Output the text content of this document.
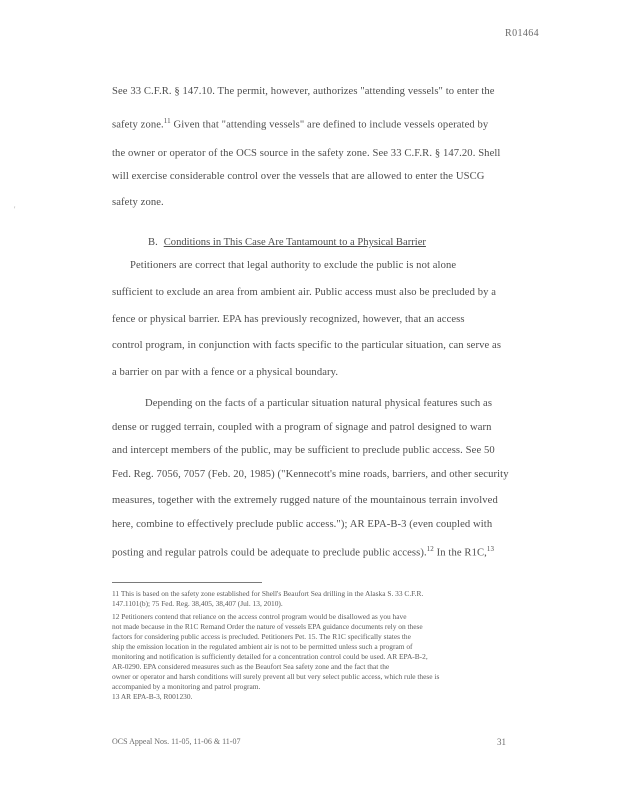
R01464
'

See 33 C.F.R. § 147.10. The permit, however, authorizes "attending vessels" to enter the

safety zone.$^{11}$ Given that "attending vessels" are defined to include vessels operated by

the owner or operator of the OCS source in the safety zone. See 33 C.F.R. § 147.20. Shell

will exercise considerable control over the vessels that are allowed to enter the USCG

safety zone.

B. Conditions in This Case Are Tantamount to a Physical Barrier

Petitioners are correct that legal authority to exclude the public is not alone

sufficient to exclude an area from ambient air. Public access must also be precluded by a

fence or physical barrier. EPA has previously recognized, however, that an access

control program, in conjunction with facts specific to the particular situation, can serve as

a barrier on par with a fence or a physical boundary.

Depending on the facts of a particular situation natural physical features such as

dense or rugged terrain, coupled with a program of signage and patrol designed to warn

and intercept members of the public, may be sufficient to preclude public access. See 50

Fed. Reg. 7056, 7057 (Feb. 20, 1985) ("Kennecott's mine roads, barriers, and other security

measures, together with the extremely rugged nature of the mountainous terrain involved

here, combine to effectively preclude public access."); AR EPA-B-3 (even coupled with

posting and regular patrols could be adequate to preclude public access).$^{12}$ In the R1C,$^{13}$

11 This is based on the safety zone established for Shell's Beaufort Sea drilling in the Alaska S. 33 C.F.R.

147.1101(b); 75 Fed. Reg. 38,405, 38,407 (Jul. 13, 2010).

12 Petitioners contend that reliance on the access control program would be disallowed as you have

not made because in the R1C Remand Order the nature of vessels EPA guidance documents rely on these

factors for considering public access is precluded. Petitioners Pet. 15. The R1C specifically states the

ship the emission location in the regulated ambient air is not to be permitted unless such a program of

monitoring and notification is sufficiently detailed for a concentration control could be used. AR EPA-B-2,

AR-0290. EPA considered measures such as the Beaufort Sea safety zone and the fact that the

owner or operator and harsh conditions will surely prevent all but very select public access, which rule these is

accompanied by a monitoring and patrol program.

13 AR EPA-B-3, R001230.

OCS Appeal Nos. 11-05, 11-06 & 11-07	31
